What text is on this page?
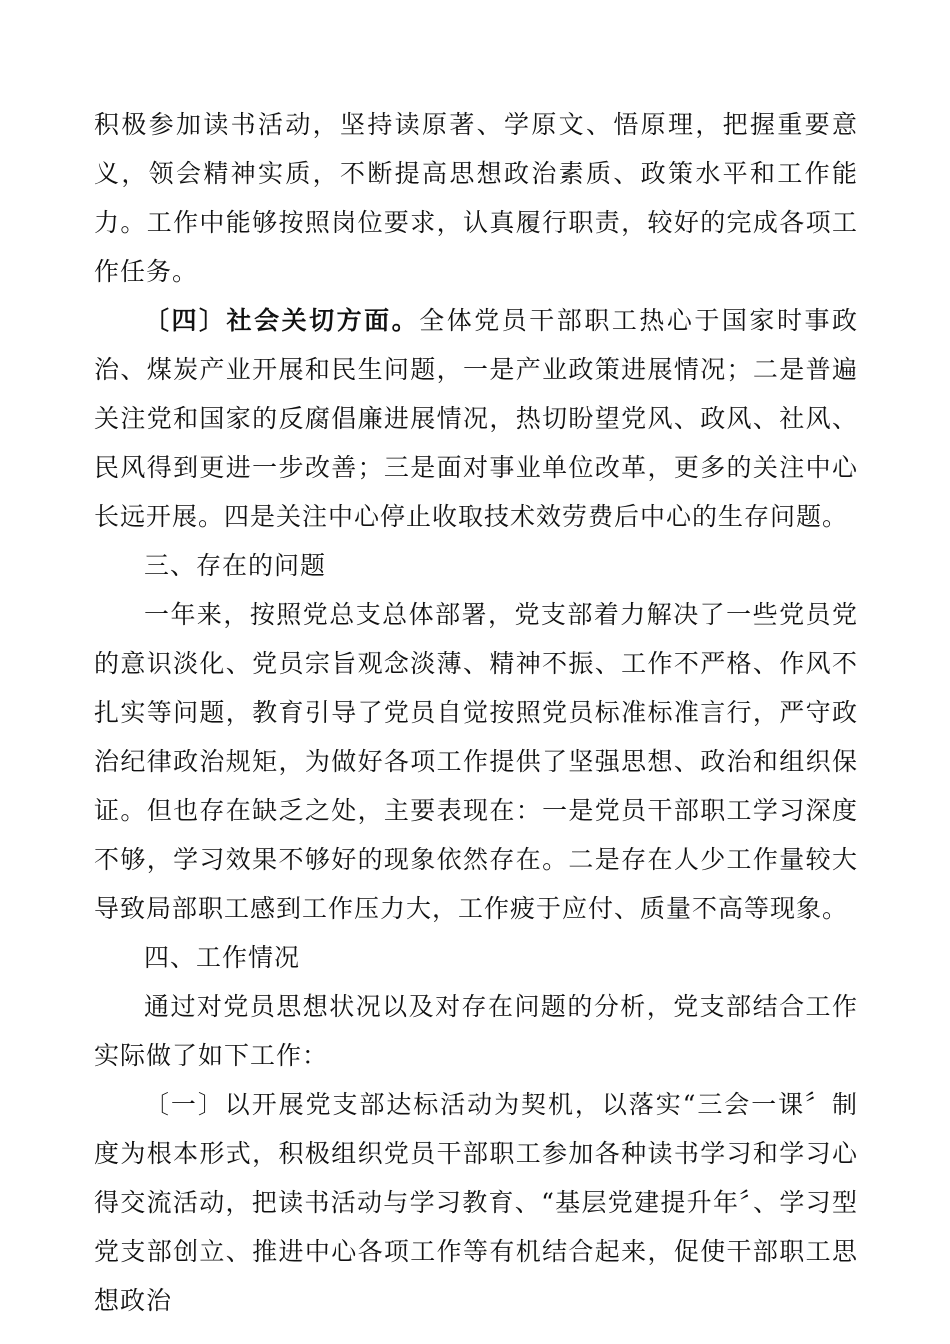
积极参加读书活动，坚持读原著、学原文、悟原理，把握重要意义，领会精神实质，不断提高思想政治素质、政策水平和工作能力。工作中能够按照岗位要求，认真履行职责，较好的完成各项工作任务。

〔四〕社会关切方面。全体党员干部职工热心于国家时事政治、煤炭产业开展和民生问题，一是产业政策进展情况；二是普遍关注党和国家的反腐倡廉进展情况，热切盼望党风、政风、社风、民风得到更进一步改善；三是面对事业单位改革，更多的关注中心长远开展。四是关注中心停止收取技术效劳费后中心的生存问题。

三、存在的问题

一年来，按照党总支总体部署，党支部着力解决了一些党员党的意识淡化、党员宗旨观念淡薄、精神不振、工作不严格、作风不扎实等问题，教育引导了党员自觉按照党员标准标准言行，严守政治纪律政治规矩，为做好各项工作提供了坚强思想、政治和组织保证。但也存在缺乏之处，主要表现在：一是党员干部职工学习深度不够，学习效果不够好的现象依然存在。二是存在人少工作量较大导致局部职工感到工作压力大，工作疲于应付、质量不高等现象。

四、工作情况

通过对党员思想状况以及对存在问题的分析，党支部结合工作实际做了如下工作：

〔一〕以开展党支部达标活动为契机，以落实“三会一课〞制度为根本形式，积极组织党员干部职工参加各种读书学习和学习心得交流活动，把读书活动与学习教育、“基层党建提升年〞、学习型党支部创立、推进中心各项工作等有机结合起来，促使干部职工思想政治
